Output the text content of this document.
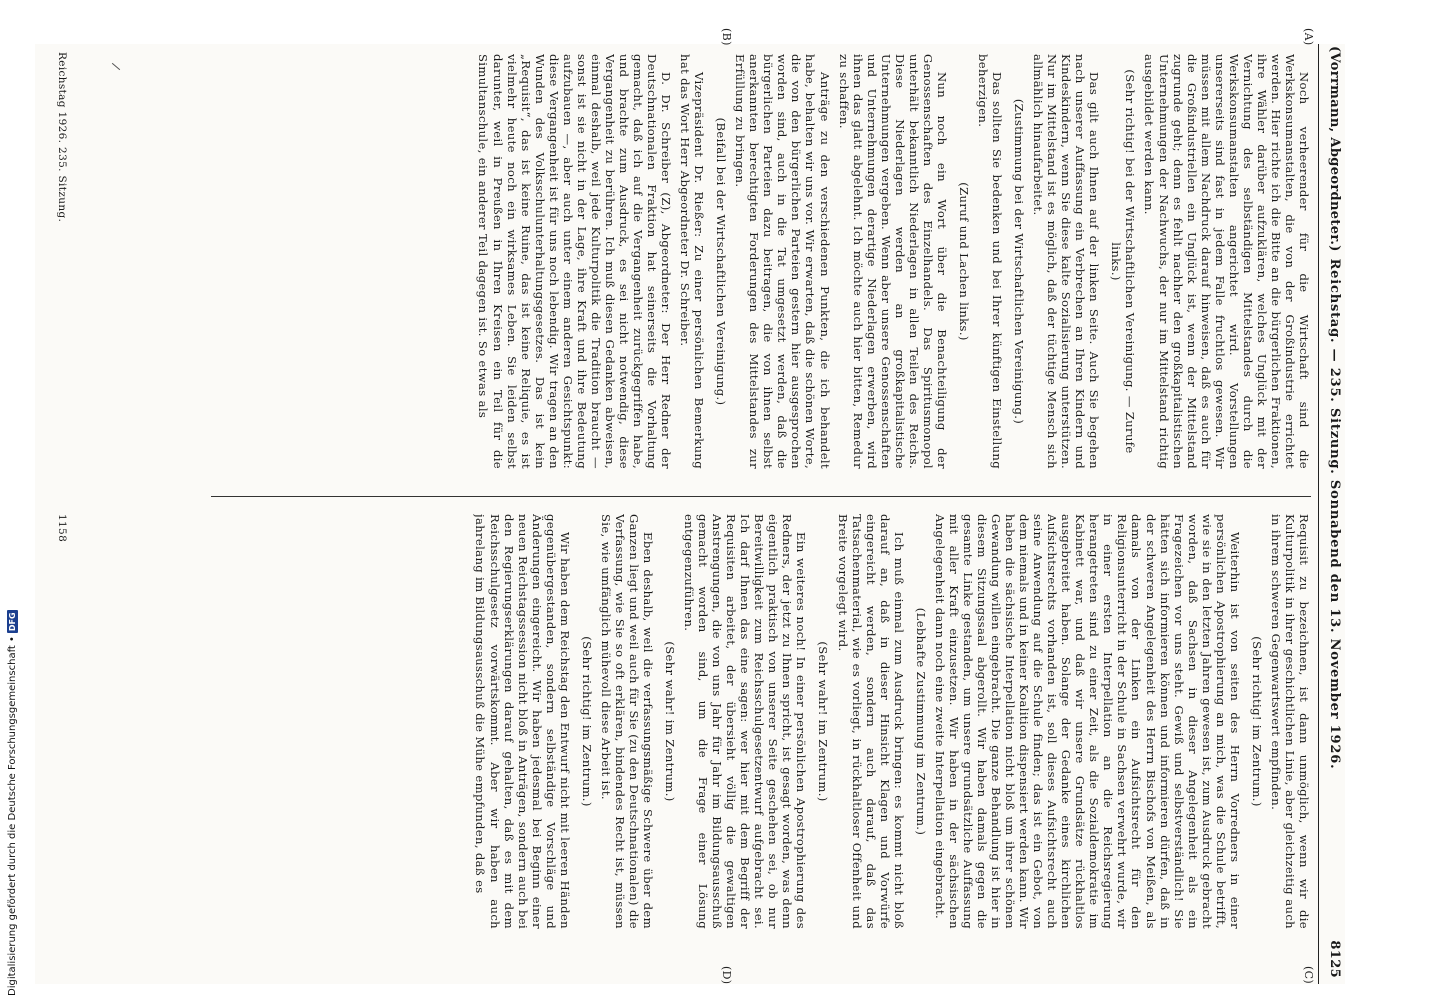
(Vorrmann, Abgeordneter.)
Reichstag. — 235. Sitzung. Sonnabend den 13. November 1926.
8125
(A)
(B)
(C)
(D)

Noch verheerender für die Wirtschaft sind die Werkskonsumanstalten, die von der Großindustrie errichtet werden. Hier richte ich die Bitte an die bürgerlichen Fraktionen, ihre Wähler darüber aufzuklären, welches Unglück mit der Vernichtung des selbständigen Mittelstandes durch die Werkskonsumanstalten angerichtet wird. Vorstellungen unsererseits sind fast in jedem Falle fruchtlos gewesen. Wir müssen mit allem Nachdruck darauf hinweisen, daß es auch für die Großindustriellen ein Unglück ist, wenn der Mittelstand zugrunde geht; denn es fehlt nachher den großkapitalistischen Unternehmungen der Nachwuchs, der nur im Mittelstand richtig ausgebildet werden kann.

(Sehr richtig! bei der Wirtschaftlichen Vereinigung. — Zurufe links.)

Das gilt auch Ihnen auf der linken Seite. Auch Sie begehen nach unserer Auffassung ein Verbrechen an Ihren Kindern und Kindeskindern, wenn Sie diese kalte Sozialisierung unterstützen. Nur im Mittelstand ist es möglich, daß der tüchtige Mensch sich allmählich hinaufarbeitet.

(Zustimmung bei der Wirtschaftlichen Vereinigung.)

Das sollten Sie bedenken und bei Ihrer künftigen Einstellung beherzigen.

(Zuruf und Lachen links.)

Nun noch ein Wort über die Benachteiligung der Genossenschaften des Einzelhandels. Das Spiritusmonopol unterhält bekanntlich Niederlagen in allen Teilen des Reichs. Diese Niederlagen werden an großkapitalistische Unternehmungen vergeben. Wenn aber unsere Genossenschaften und Unternehmungen derartige Niederlagen erwerben, wird ihnen das glatt abgelehnt. Ich möchte auch hier bitten, Remedur zu schaffen.

Anträge zu den verschiedenen Punkten, die ich behandelt habe, behalten wir uns vor. Wir erwarten, daß die schönen Worte, die von den bürgerlichen Parteien gestern hier ausgesprochen worden sind, auch in die Tat umgesetzt werden, daß die bürgerlichen Parteien dazu beitragen, die von ihnen selbst anerkannten berechtigten Forderungen des Mittelstandes zur Erfüllung zu bringen.

(Beifall bei der Wirtschaftlichen Vereinigung.)

Vizepräsident Dr. Rießer: Zu einer persönlichen Bemerkung hat das Wort Herr Abgeordneter Dr. Schreiber.

D. Dr. Schreiber (Z), Abgeordneter: Der Herr Redner der Deutschnationalen Fraktion hat seinerseits die Vorhaltung gemacht, daß ich auf die Vergangenheit zurückgegriffen habe, und brachte zum Ausdruck, es sei nicht notwendig, diese Vergangenheit zu berühren. Ich muß diesen Gedanken abweisen, einmal deshalb, weil jede Kulturpolitik die Tradition braucht — sonst ist sie nicht in der Lage, ihre Kraft und ihre Bedeutung aufzubauen —, aber auch unter einem anderen Gesichtspunkt: diese Vergangenheit ist für uns noch lebendig. Wir tragen an den Wunden des Volksschulunterhaltungsgesetzes. Das ist kein „Requisit“, das ist keine Ruine, das ist keine Reliquie, es ist vielmehr heute noch ein wirksames Leben. Sie leiden selbst darunter, weil in Preußen in Ihren Kreisen ein Teil für die Simultanschule, ein anderer Teil dagegen ist. So etwas als

Requisit zu bezeichnen, ist dann unmöglich, wenn wir die Kulturpolitik in ihrer geschichtlichen Linie, aber gleichzeitig auch in ihrem schweren Gegenwartswert empfinden.

(Sehr richtig! im Zentrum.)

Weiterhin ist von seiten des Herrn Vorredners in einer persönlichen Apostrophierung an mich, was die Schule betrifft, wie sie in den letzten Jahren gewesen ist, zum Ausdruck gebracht worden, daß Sachsen in dieser Angelegenheit als ein Fragezeichen vor uns steht. Gewiß und selbstverständlich! Sie hätten sich informieren können und informieren dürfen, daß in der schweren Angelegenheit des Herrn Bischofs von Meißen, als damals von der Linken ein Aufsichtsrecht für den Religionsunterricht in der Schule in Sachsen verwehrt wurde, wir in einer ersten Interpellation an die Reichsregierung herangetreten sind zu einer Zeit, als die Sozialdemokratie im Kabinett war, und daß wir unsere Grundsätze rückhaltlos ausgebreitet haben. Solange der Gedanke eines kirchlichen Aufsichtsrechts vorhanden ist, soll dieses Aufsichtsrecht auch seine Anwendung auf die Schule finden; das ist ein Gebot, von dem niemals und in keiner Koalition dispensiert werden kann. Wir haben die sächsische Interpellation nicht bloß um ihrer schönen Gewandung willen eingebracht. Die ganze Behandlung ist hier in diesem Sitzungssaal abgerollt. Wir haben damals gegen die gesamte Linke gestanden, um unsere grundsätzliche Auffassung mit aller Kraft einzusetzen. Wir haben in der sächsischen Angelegenheit dann noch eine zweite Interpellation eingebracht.

(Lebhafte Zustimmung im Zentrum.)

Ich muß einmal zum Ausdruck bringen: es kommt nicht bloß darauf an, daß in dieser Hinsicht Klagen und Vorwürfe eingereicht werden, sondern auch darauf, daß das Tatsachenmaterial, wie es vorliegt, in rückhaltloser Offenheit und Breite vorgelegt wird.

(Sehr wahr! im Zentrum.)

Ein weiteres noch! In einer persönlichen Apostrophierung des Redners, der jetzt zu Ihnen spricht, ist gesagt worden, was denn eigentlich praktisch von unserer Seite geschehen sei, ob nur Bereitwilligkeit zum Reichsschulgesetzentwurf aufgebracht sei. Ich darf Ihnen das eine sagen: wer hier mit dem Begriff der Requisiten arbeitet, der übersieht völlig die gewaltigen Anstrengungen, die von uns Jahr für Jahr im Bildungsausschuß gemacht worden sind, um die Frage einer Lösung entgegenzuführen.

(Sehr wahr! im Zentrum.)

Eben deshalb, weil die verfassungsmäßige Schwere über dem Ganzen liegt und weil auch für Sie (zu den Deutschnationalen) die Verfassung, wie Sie so oft erklären, bindendes Recht ist, müssen Sie, wie umfänglich mühevoll diese Arbeit ist.

(Sehr richtig! im Zentrum.)

Wir haben dem Reichstag den Entwurf nicht mit leeren Händen gegenübergestanden, sondern selbständige Vorschläge und Änderungen eingereicht. Wir haben jedesmal bei Beginn einer neuen Reichstagssession nicht bloß in Anträgen, sondern auch bei den Regierungserklärungen darauf gehalten, daß es mit dem Reichsschulgesetz vorwärtskommt. Aber wir haben auch jahrelang im Bildungsausschuß die Mühe empfunden, daß es

Reichstag 1926. 235. Sitzung.
1158
Digitalisierung gefördert durch die Deutsche Forschungsgemeinschaft •
DFG
